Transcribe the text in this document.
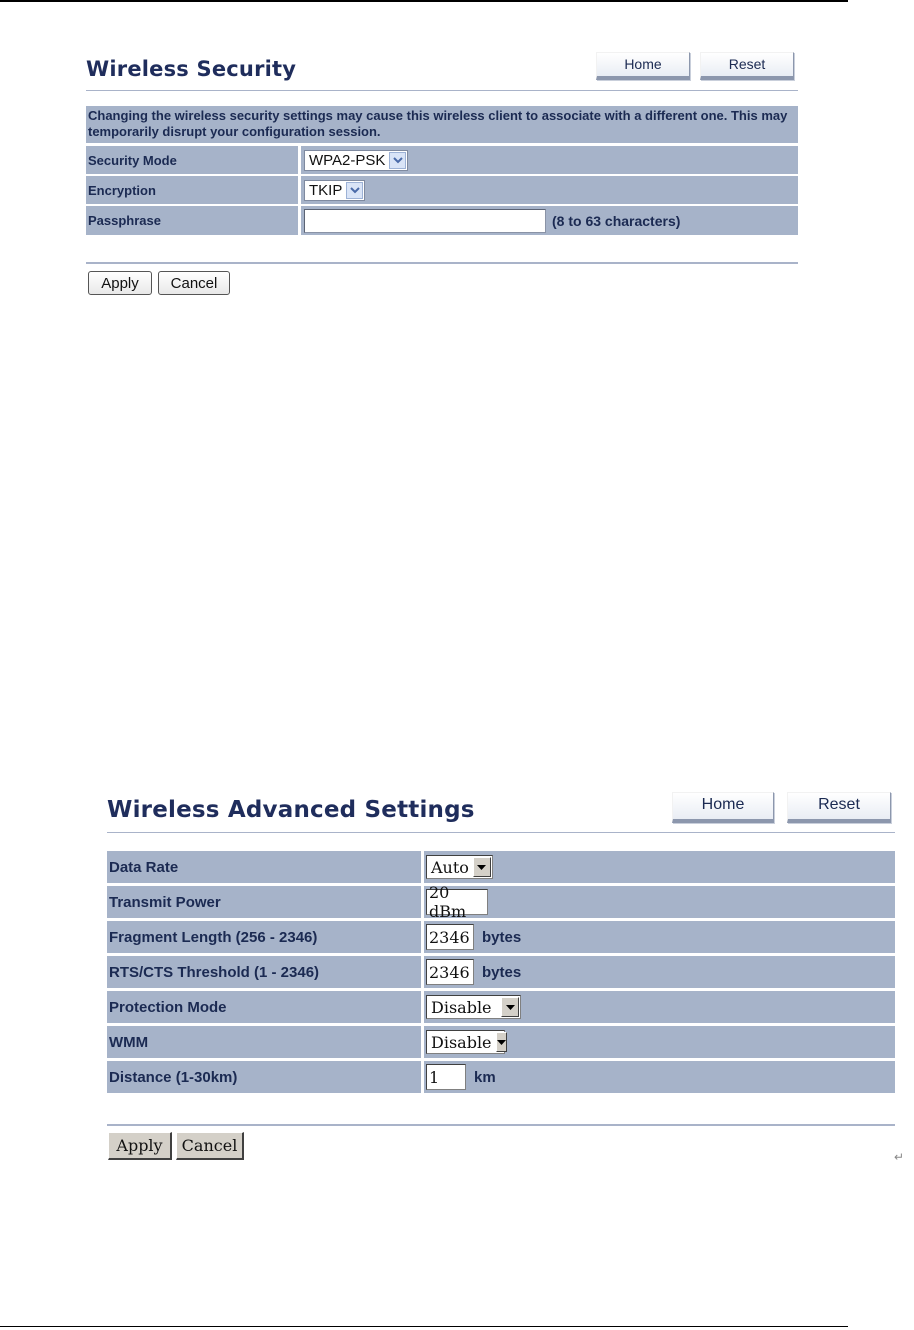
Wireless Security	Home	Reset
Changing the wireless security settings may cause this wireless client to associate with a different one. This may temporarily disrupt your configuration session.
Security Mode	WPA2-PSK
Encryption	TKIP
Passphrase	(8 to 63 characters)
Apply	Cancel
Wireless Advanced Settings	Home	Reset
Data Rate	Auto
Transmit Power	20 dBm
Fragment Length (256 - 2346)	2346 bytes
RTS/CTS Threshold (1 - 2346)	2346 bytes
Protection Mode	Disable
WMM	Disable
Distance (1-30km)	1	km
Apply	Cancel
↵
